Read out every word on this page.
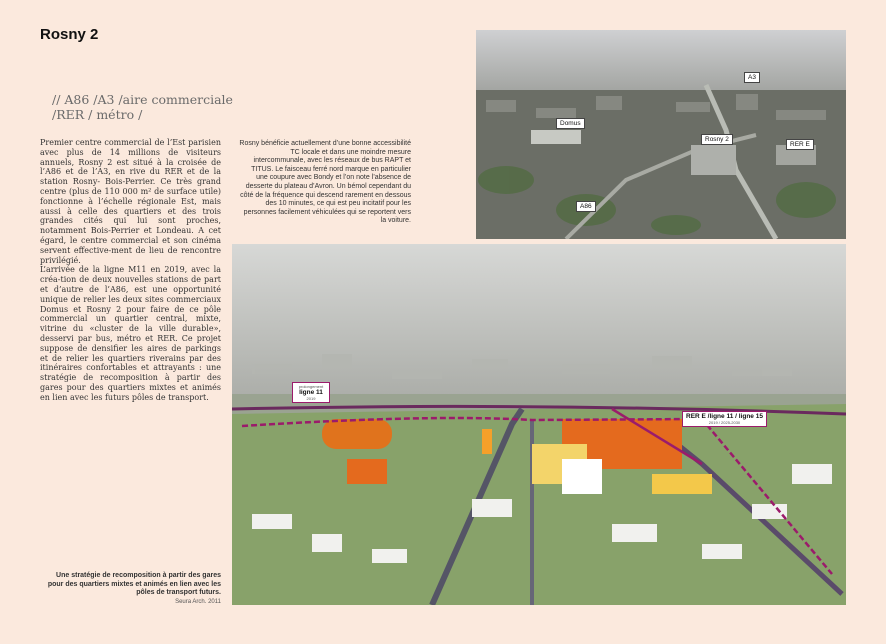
Rosny 2
// A86 /A3 /aire commerciale /RER / métro /

Premier centre commercial de l’Est parisien avec plus de 14 millions de visiteurs annuels, Rosny 2 est situé à la croisée de l’A86 et de l’A3, en rive du RER et de la station Rosny- Bois-Perrier. Ce très grand centre (plus de 110 000 m² de surface utile) fonctionne à l’échelle régionale Est, mais aussi à celle des quartiers et des trois grandes cités qui lui sont proches, notamment Bois-Perrier et Londeau. A cet égard, le centre commercial et son cinéma servent effective-ment de lieu de rencontre privilégié.

L’arrivée de la ligne M11 en 2019, avec la créa-tion de deux nouvelles stations de part et d’autre de l’A86, est une opportunité unique de relier les deux sites commerciaux Domus et Rosny 2 pour faire de ce pôle commercial un quartier central, mixte, vitrine du «cluster de la ville durable», desservi par bus, métro et RER. Ce projet suppose de densifier les aires de parkings et de relier les quartiers riverains par des itinéraires confortables et attrayants : une stratégie de recomposition à partir des gares pour des quartiers mixtes et animés en lien avec les futurs pôles de transport.

Rosny bénéficie actuellement d’une bonne accessibilité TC locale et dans une moindre mesure intercommunale, avec les réseaux de bus RAPT et TITUS. Le faisceau ferré nord marque en particulier une coupure avec Bondy et l’on note l’absence de desserte du plateau d’Avron. Un bémol cependant du côté de la fréquence qui descend rarement en dessous des 10 minutes, ce qui est peu incitatif pour les personnes facilement véhiculées qui se reportent vers la voiture.
Une stratégie de recomposition à partir des gares pour des quartiers mixtes et animés en lien avec les pôles de transport futurs.
Seura Arch. 2011
A3
Domus
Rosny 2
RER E
A86
prolongement
ligne 11
2019
RER E /ligne 11 / ligne 15
2019 / 2025-2030
